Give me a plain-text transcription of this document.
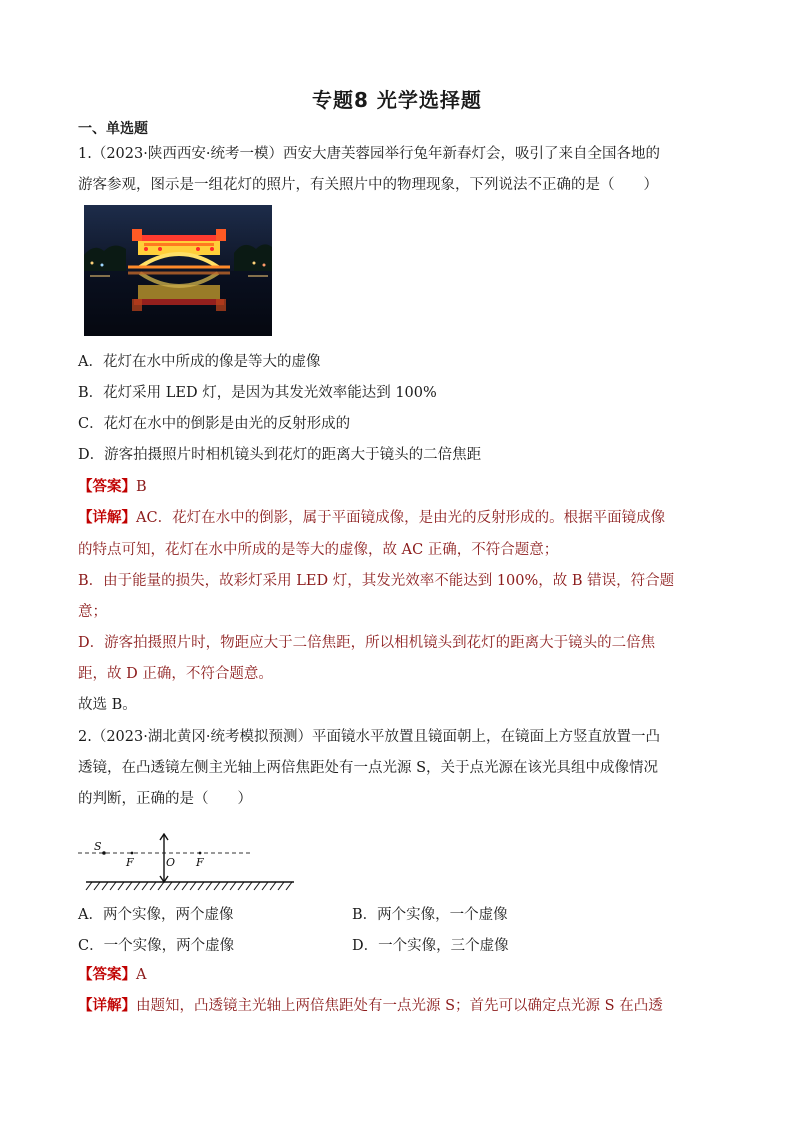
专题8 光学选择题
一、单选题
1.（2023·陕西西安·统考一模）西安大唐芙蓉园举行兔年新春灯会，吸引了来自全国各地的
游客参观，图示是一组花灯的照片，有关照片中的物理现象，下列说法不正确的是（　　）
A．花灯在水中所成的像是等大的虚像
B．花灯采用 LED 灯，是因为其发光效率能达到 100%
C．花灯在水中的倒影是由光的反射形成的
D．游客拍摄照片时相机镜头到花灯的距离大于镜头的二倍焦距
【答案】B
【详解】AC．花灯在水中的倒影，属于平面镜成像，是由光的反射形成的。根据平面镜成像
的特点可知，花灯在水中所成的是等大的虚像，故 AC 正确，不符合题意；
B．由于能量的损失，故彩灯采用 LED 灯，其发光效率不能达到 100%，故 B 错误，符合题
意；
D．游客拍摄照片时，物距应大于二倍焦距，所以相机镜头到花灯的距离大于镜头的二倍焦
距，故 D 正确，不符合题意。
故选 B。
2.（2023·湖北黄冈·统考模拟预测）平面镜水平放置且镜面朝上，在镜面上方竖直放置一凸
透镜，在凸透镜左侧主光轴上两倍焦距处有一点光源 S，关于点光源在该光具组中成像情况
的判断，正确的是（　　）
S
F	O F
A．两个实像，两个虚像	B．两个实像，一个虚像
C．一个实像，两个虚像	D．一个实像，三个虚像
【答案】A
【详解】由题知，凸透镜主光轴上两倍焦距处有一点光源 S；首先可以确定点光源 S 在凸透
